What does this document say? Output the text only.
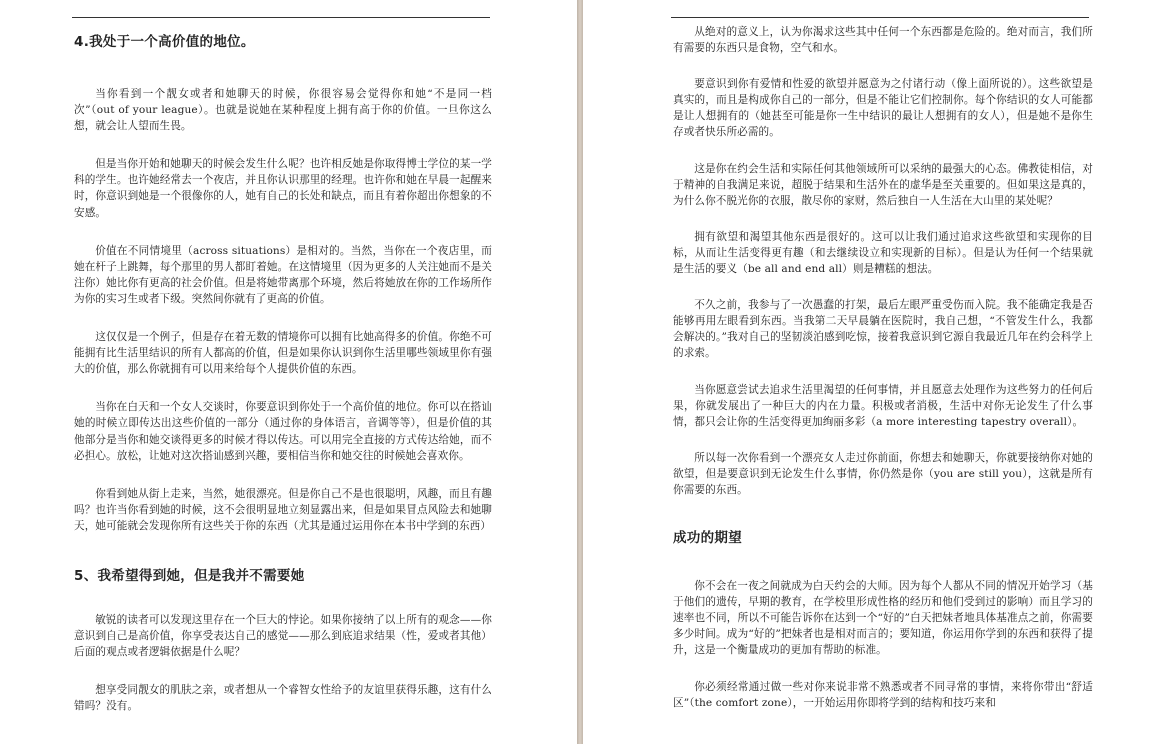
4.我处于一个高价值的地位。

当你看到一个靓女或者和她聊天的时候，你很容易会觉得你和她“不是同一档次”（out of your league）。也就是说她在某种程度上拥有高于你的价值。一旦你这么想，就会让人望而生畏。

但是当你开始和她聊天的时候会发生什么呢？也许相反她是你取得博士学位的某一学科的学生。也许她经常去一个夜店，并且你认识那里的经理。也许你和她在早晨一起醒来时，你意识到她是一个很像你的人，她有自己的长处和缺点，而且有着你超出你想象的不安感。

价值在不同情境里（across situations）是相对的。当然，当你在一个夜店里，而她在杆子上跳舞，每个那里的男人都盯着她。在这情境里（因为更多的人关注她而不是关注你）她比你有更高的社会价值。但是将她带离那个环境，然后将她放在你的工作场所作为你的实习生或者下级。突然间你就有了更高的价值。

这仅仅是一个例子，但是存在着无数的情境你可以拥有比她高得多的价值。你绝不可能拥有比生活里结识的所有人都高的价值，但是如果你认识到你生活里哪些领域里你有强大的价值，那么你就拥有可以用来给每个人提供价值的东西。

当你在白天和一个女人交谈时，你要意识到你处于一个高价值的地位。你可以在搭讪她的时候立即传达出这些价值的一部分（通过你的身体语言，音调等等），但是价值的其他部分是当你和她交谈得更多的时候才得以传达。可以用完全直接的方式传达给她，而不必担心。放松，让她对这次搭讪感到兴趣，要相信当你和她交往的时候她会喜欢你。

你看到她从街上走来，当然，她很漂亮。但是你自己不是也很聪明，风趣，而且有趣吗？也许当你看到她的时候，这不会很明显地立刻显露出来，但是如果冒点风险去和她聊天，她可能就会发现你所有这些关于你的东西（尤其是通过运用你在本书中学到的东西）

5、我希望得到她，但是我并不需要她

敏锐的读者可以发现这里存在一个巨大的悖论。如果你接纳了以上所有的观念——你意识到自己是高价值，你享受表达自己的感觉——那么到底追求结果（性，爱或者其他）后面的观点或者逻辑依据是什么呢？

想享受同靓女的肌肤之亲，或者想从一个睿智女性给予的友谊里获得乐趣，这有什么错吗？没有。

从绝对的意义上，认为你渴求这些其中任何一个东西都是危险的。绝对而言，我们所有需要的东西只是食物，空气和水。

要意识到你有爱情和性爱的欲望并愿意为之付诸行动（像上面所说的）。这些欲望是真实的，而且是构成你自己的一部分，但是不能让它们控制你。每个你结识的女人可能都是让人想拥有的（她甚至可能是你一生中结识的最让人想拥有的女人），但是她不是你生存或者快乐所必需的。

这是你在约会生活和实际任何其他领域所可以采纳的最强大的心态。佛教徒相信，对于精神的自我满足来说，超脱于结果和生活外在的虚华是至关重要的。但如果这是真的，为什么你不脱光你的衣服，散尽你的家财，然后独自一人生活在大山里的某处呢？

拥有欲望和渴望其他东西是很好的。这可以让我们通过追求这些欲望和实现你的目标，从而让生活变得更有趣（和去继续设立和实现新的目标）。但是认为任何一个结果就是生活的要义（be all and end all）则是糟糕的想法。

不久之前，我参与了一次愚蠢的打架，最后左眼严重受伤而入院。我不能确定我是否能够再用左眼看到东西。当我第二天早晨躺在医院时，我自己想，“不管发生什么，我都会解决的。”我对自己的坚韧淡泊感到吃惊，接着我意识到它源自我最近几年在约会科学上的求索。

当你愿意尝试去追求生活里渴望的任何事情，并且愿意去处理作为这些努力的任何后果，你就发展出了一种巨大的内在力量。积极或者消极，生活中对你无论发生了什么事情，都只会让你的生活变得更加绚丽多彩（a more interesting tapestry overall）。

所以每一次你看到一个漂亮女人走过你前面，你想去和她聊天，你就要接纳你对她的欲望，但是要意识到无论发生什么事情，你仍然是你（you are still you），这就是所有你需要的东西。

成功的期望

你不会在一夜之间就成为白天约会的大师。因为每个人都从不同的情况开始学习（基于他们的遗传，早期的教育，在学校里形成性格的经历和他们受到过的影响）而且学习的速率也不同，所以不可能告诉你在达到一个“好的”白天把妹者地具体基准点之前，你需要多少时间。成为“好的”把妹者也是相对而言的；要知道，你运用你学到的东西和获得了提升，这是一个衡量成功的更加有帮助的标准。

你必须经常通过做一些对你来说非常不熟悉或者不同寻常的事情，来将你带出“舒适区”（the comfort zone），一开始运用你即将学到的结构和技巧来和
